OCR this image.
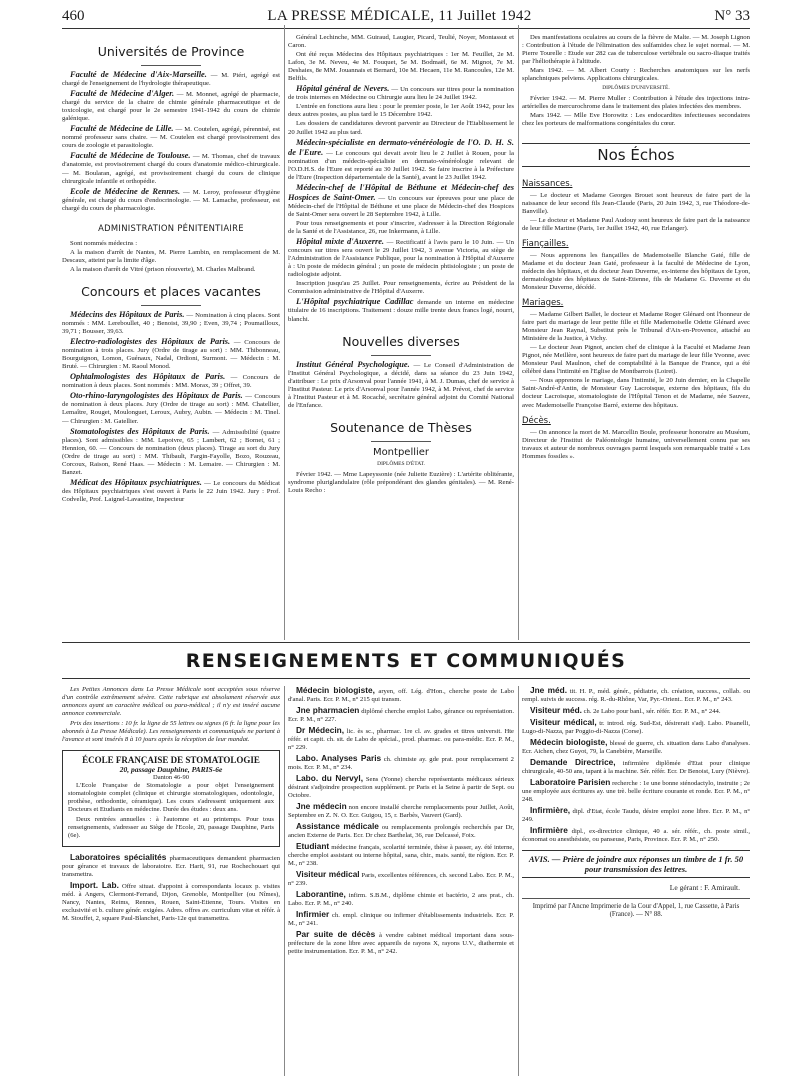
460	LA PRESSE MÉDICALE, 11 Juillet 1942	N° 33
Universités de Province

Faculté de Médecine d'Aix-Marseille. — M. Piéri, agrégé est chargé de l'enseignement de l'hydrologie thérapeutique.

Faculté de Médecine d'Alger. — M. Monnet, agrégé de pharmacie, chargé du service de la chaire de chimie générale pharmaceutique et de toxicologie, est chargé pour le 2e semestre 1941-1942 du cours de chimie galénique.

Faculté de Médecine de Lille. — M. Coutelen, agrégé, pérennisé, est nommé professeur sans chaire. — M. Coutelen est chargé provisoirement des cours de zoologie et parasitologie.

Faculté de Médecine de Toulouse. — M. Thomas, chef de travaux d'anatomie, est provisoirement chargé du cours d'anatomie médico-chirurgicale. — M. Boularan, agrégé, est provisoirement chargé du cours de clinique chirurgicale infantile et orthopédie.

Ecole de Médecine de Rennes. — M. Leroy, professeur d'hygiène générale, est chargé du cours d'endocrinologie. — M. Lamache, professeur, est chargé du cours de pharmacologie.

ADMINISTRATION PÉNITENTIAIRE

Sont nommés médecins :

A la maison d'arrêt de Nantes, M. Pierre Lambin, en remplacement de M. Descaux, atteint par la limite d'âge.

A la maison d'arrêt de Vitré (prison réouverte), M. Charles Malbrand.

Concours et places vacantes

Médecins des Hôpitaux de Paris. — Nomination à cinq places. Sont nommés : MM. Lereboullet, 40 ; Benoist, 39,90 ; Even, 39,74 ; Poumailloux, 39,71 ; Bousser, 39,63.

Electro-radiologistes des Hôpitaux de Paris. — Concours de nomination à trois places. Jury (Ordre de tirage au sort) : MM. Thibonneau, Bourguignon, Lomon, Guénaux, Nadal, Ordioni, Surmont. — Médecin : M. Bruté. — Chirurgien : M. Raoul Monod.

Ophtalmologistes des Hôpitaux de Paris. — Concours de nomination à deux places. Sont nommés : MM. Morax, 39 ; Offret, 39.

Oto-rhino-laryngologistes des Hôpitaux de Paris. — Concours de nomination à deux places. Jury (Ordre de tirage au sort) : MM. Chatellier, Lemaître, Rouget, Moulonguet, Leroux, Aubry, Aubin. — Médecin : M. Tinel. — Chirurgien : M. Gatellier.

Stomatologistes des Hôpitaux de Paris. — Admissibilité (quatre places). Sont admissibles : MM. Lepoivre, 65 ; Lambert, 62 ; Bornet, 61 ; Hennion, 60. — Concours de nomination (deux places). Tirage au sort du Jury (Ordre de tirage au sort) : MM. Thibault, Fargin-Fayolle, Bozo, Rouzeau, Corcoux, Raison, René Haas. — Médecin : M. Lemaire. — Chirurgien : M. Banzet.

Médicat des Hôpitaux psychiatriques. — Le concours du Médicat des Hôpitaux psychiatriques s'est ouvert à Paris le 22 Juin 1942. Jury : Prof. Codvelle, Prof. Laignel-Lavastine, Inspecteur

Général Lechinche, MM. Guiraud, Laugier, Picard, Teulié, Noyer, Montassut et Caron.

Ont été reçus Médecins des Hôpitaux psychiatriques : 1er M. Feuillet, 2e M. Lafon, 3e M. Neveu, 4e M. Fouquet, 5e M. Bodmaël, 6e M. Mignot, 7e M. Deshaies, 8e MM. Jouannais et Bernard, 10e M. Hecaen, 11e M. Rancoules, 12e M. Belfils.

Hôpital général de Nevers. — Un concours sur titres pour la nomination de trois internes en Médecine ou Chirurgie aura lieu le 24 Juillet 1942.

L'entrée en fonctions aura lieu : pour le premier poste, le 1er Août 1942, pour les deux autres postes, au plus tard le 15 Décembre 1942.

Les dossiers de candidatures devront parvenir au Directeur de l'Etablissement le 20 Juillet 1942 au plus tard.

Médecin-spécialiste en dermato-vénéréologie de l'O. D. H. S. de l'Eure. — Le concours qui devait avoir lieu le 2 Juillet à Rouen, pour la nomination d'un médecin-spécialiste en dermato-vénéréologie relevant de l'O.D.H.S. de l'Eure est reporté au 30 Juillet 1942. Se faire inscrire à la Préfecture de l'Eure (Inspection départementale de la Santé), avant le 23 Juillet 1942.

Médecin-chef de l'Hôpital de Béthune et Médecin-chef des Hospices de Saint-Omer. — Un concours sur épreuves pour une place de Médecin-chef de l'Hôpital de Béthune et une place de Médecin-chef des Hospices de Saint-Omer sera ouvert le 28 Septembre 1942, à Lille.

Pour tous renseignements et pour s'inscrire, s'adresser à la Direction Régionale de la Santé et de l'Assistance, 26, rue Inkermann, à Lille.

Hôpital mixte d'Auxerre. — Rectificatif à l'avis paru le 10 Juin. — Un concours sur titres sera ouvert le 29 Juillet 1942, 3 avenue Victoria, au siège de l'Administration de l'Assistance Publique, pour la nomination à l'Hôpital d'Auxerre à : Un poste de médecin général ; un poste de médecin phtisiologiste ; un poste de radiologiste adjoint.

Inscription jusqu'au 25 Juillet. Pour renseignements, écrire au Président de la Commission administrative de l'Hôpital d'Auxerre.

L'Hôpital psychiatrique Cadillac demande un interne en médecine titulaire de 16 inscriptions. Traitement : douze mille trente deux francs logé, nourri, blanchi.

Nouvelles diverses

Institut Général Psychologique. — Le Conseil d'Administration de l'Institut Général Psychologique, a décidé, dans sa séance du 23 Juin 1942, d'attribuer : Le prix d'Arsonval pour l'année 1941, à M. J. Dumas, chef de service à l'Institut Pasteur. Le prix d'Arsonval pour l'année 1942, à M. Prévot, chef de service à l'Institut Pasteur et à M. Rocaché, secrétaire général adjoint du Comité National de l'Enfance.

Soutenance de Thèses
Montpellier
DIPLÔMES D'ÉTAT.

Février 1942. — Mme Lapeyssonie (née Juliette Euzière) : L'artérite oblitérante, syndrome pluriglandulaire (rôle prépondérant des glandes génitales). — M. René-Louis Recho :

Des manifestations oculaires au cours de la fièvre de Malte. — M. Joseph Lignon : Contribution à l'étude de l'élimination des sulfamides chez le sujet normal. — M. Pierre Tourelle : Etude sur 282 cas de tuberculose vertébrale ou sacro-iliaque traités par l'héliothérapie à l'altitude.

Mars 1942. — M. Albert Courty : Recherches anatomiques sur les nerfs splanchniques pelviens. Applications chirurgicales.

DIPLÔMES D'UNIVERSITÉ.

Février 1942. — M. Pierre Muller : Contribution à l'étude des injections intra-artérielles de mercurochrome dans le traitement des plaies infectées des membres.

Mars 1942. — Mlle Eve Horowitz : Les endocardites infectieuses secondaires chez les porteurs de malformations congénitales du cœur.

Nos Échos
Naissances.

— Le docteur et Madame Georges Brouet sont heureux de faire part de la naissance de leur second fils Jean-Claude (Paris, 20 Juin 1942, 3, rue Théodore-de-Banville).

— Le docteur et Madame Paul Audouy sont heureux de faire part de la naissance de leur fille Martine (Paris, 1er Juillet 1942, 40, rue Erlanger).

Fiançailles.

— Nous apprenons les fiançailles de Mademoiselle Blanche Gaté, fille de Madame et du docteur Jean Gaté, professeur à la faculté de Médecine de Lyon, médecin des hôpitaux, et du docteur Jean Duverne, ex-interne des hôpitaux de Lyon, dermatologiste des hôpitaux de Saint-Etienne, fils de Madame G. Duverne et du Monsieur Duverne, décédé.

Mariages.

— Madame Gilbert Ballet, le docteur et Madame Roger Glénard ont l'honneur de faire part du mariage de leur petite fille et fille Mademoiselle Odette Glénard avec Monsieur Jean Raynal, Substitut près le Tribunal d'Aix-en-Provence, attaché au Ministère de la Justice, à Vichy.

— Le docteur Jean Pignot, ancien chef de clinique à la Faculté et Madame Jean Pignot, née Meillère, sont heureux de faire part du mariage de leur fille Yvonne, avec Monsieur Paul Maulnon, chef de comptabilité à la Banque de France, qui a été célébré dans l'intimité en l'Eglise de Montbarrois (Loiret).

— Nous apprenons le mariage, dans l'intimité, le 20 Juin dernier, en la Chapelle Saint-André-d'Antin, de Monsieur Guy Lacroisque, externe des hôpitaux, fils du docteur Lacroisque, stomatologiste de l'Hôpital Tenon et de Madame, née Sauvez, avec Mademoiselle Françoise Barré, externe des hôpitaux.

Décès.

— On annonce la mort de M. Marcellin Boule, professeur honoraire au Muséum, Directeur de l'Institut de Paléontologie humaine, universellement connu par ses travaux et auteur de nombreux ouvrages parmi lesquels son remarquable traité « Les Hommes fossiles ».

RENSEIGNEMENTS ET COMMUNIQUÉS

Les Petites Annonces dans La Presse Médicale sont acceptées sous réserve d'un contrôle extrêmement sévère. Cette rubrique est absolument réservée aux annonces ayant un caractère médical ou para-médical ; il n'y est inséré aucune annonce commerciale.

Prix des insertions : 10 fr. la ligne de 55 lettres ou signes (6 fr. la ligne pour les abonnés à La Presse Médicale). Les renseignements et communiqués ne partant à l'avance et sont insérés 8 à 10 jours après la réception de leur mandat.

ÉCOLE FRANÇAISE DE STOMATOLOGIE
20, passage Dauphine, PARIS-6e
Danton 46-90

L'Ecole Française de Stomatologie a pour objet l'enseignement stomatologiste complet (clinique et chirurgie stomatologiques, odontologie, prothèse, orthodontie, céramique). Les cours s'adressent uniquement aux Docteurs et Etudiants en médecine. Durée des études : deux ans.

Deux rentrées annuelles : à l'automne et au printemps. Pour tous renseignements, s'adresser au Siège de l'Ecole, 20, passage Dauphine, Paris (6e).

Laboratoires spécialités pharmaceutiques demandent pharmacien pour gérance et travaux de laboratoire. Ecr. Harit, 91, rue Rochechouart qui transmettra.

Import. Lab. Offre situat. d'appoint à correspondants locaux p. visites méd. à Angers, Clermont-Ferrand, Dijon, Grenoble, Montpellier (ou Nîmes), Nancy, Nantes, Reims, Rennes, Rouen, Saint-Etienne, Tours. Visites en exclusivité et b. culture génér. exigées. Adres. offres av. curriculum vitæ et référ. à M. Stouffet, 2, square Paul-Blanchet, Paris-12e qui transmettra.

Médecin biologiste, aryen, off. Lég. d'Hon., cherche poste de Labo d'anal. Paris. Ecr. P. M., n° 215 qui transm.

Jne pharmacien diplômé cherche emploi Labo, gérance ou représentation. Ecr. P. M., n° 227.

Dr Médecin, lic. ès sc., pharmac. 1re cl. av. grades et titres universit. Hte référ. et capit. ch. sit. de Labo de spécial., prod. pharmac. ou para-médic. Ecr. P. M., n° 229.

Labo. Analyses Paris ch. chimiste ay. gde prat. pour remplacement 2 mois. Ecr. P. M., n° 234.

Labo. du Nervyl, Sens (Yonne) cherche représentants médicaux sérieux désirant s'adjoindre prospection supplément. pr Paris et la Seine à partir de Sept. ou Octobre.

Jne médecin non encore installé cherche remplacements pour Juillet, Août, Septembre en Z. N. O. Ecr. Guigou, 15, r. Barbès, Vauvert (Gard).

Assistance médicale ou remplacements prolongés recherchés par Dr, ancien Externe de Paris. Ecr. Dr chez Barthelat, 36, rue Delcassé, Foix.

Etudiant médecine français, scolarité terminée, thèse à passer, ay. été interne, cherche emploi assistant ou interne hôpital, sana, chir., mais. santé, tte région. Ecr. P. M., n° 238.

Visiteur médical Paris, excellentes références, ch. second Labo. Ecr. P. M., n° 239.

Laborantine, infirm. S.B.M., diplôme chimie et bactério, 2 ans prat., ch. Labo. Ecr. P. M., n° 240.

Infirmier ch. empl. clinique ou infirmer d'établissements industriels. Ecr. P. M., n° 241.

Par suite de décès à vendre cabinet médical important dans sous-préfecture de la zone libre avec appareils de rayons X, rayons U.V., diathermie et petite instrumentation. Ecr. P. M., n° 242.

Jne méd. tit. H. P., méd. génér., pédiatrie, ch. création, success., collab. ou rempl. suivis de success. rég. R.-du-Rhône, Var, Pyr.-Orient.. Ecr. P. M., n° 243.

Visiteur méd. ch. 2e Labo pour banl., sér. référ. Ecr. P. M., n° 244.

Visiteur médical, tr. introd. rég. Sud-Est, désirerait s'adj. Labo. Pisanelli, Lugo-di-Nazza, par Poggio-di-Nazza (Corse).

Médecin biologiste, blessé de guerre, ch. situation dans Labo d'analyses. Ecr. Aichen, chez Guyot, 79, la Canebière, Marseille.

Demande Directrice, infirmière diplômée d'Etat pour clinique chirurgicale, 40-50 ans, tapant à la machine. Sér. référ. Ecr. Dr Benoist, Lury (Nièvre).

Laboratoire Parisien recherche : 1e une bonne sténodactylo, instruite ; 2e une employée aux écritures ay. une trè. belle écriture courante et ronde. Ecr. P. M., n° 248.

Infirmière, dipl. d'Etat, école Taudu, désire emploi zone libre. Ecr. P. M., n° 249.

Infirmière dipl., ex-directrice clinique, 40 a. sér. référ., ch. poste simil., économat ou anesthésiste, ou panseuse, Paris, Province. Ecr. P. M., n° 250.

AVIS. — Prière de joindre aux réponses un timbre de 1 fr. 50 pour transmission des lettres.
Le gérant : F. Amirault.
Imprimé par l'Ancne Imprimerie de la Cour d'Appel, 1, rue Cassette, à Paris (France). — N° 88.
